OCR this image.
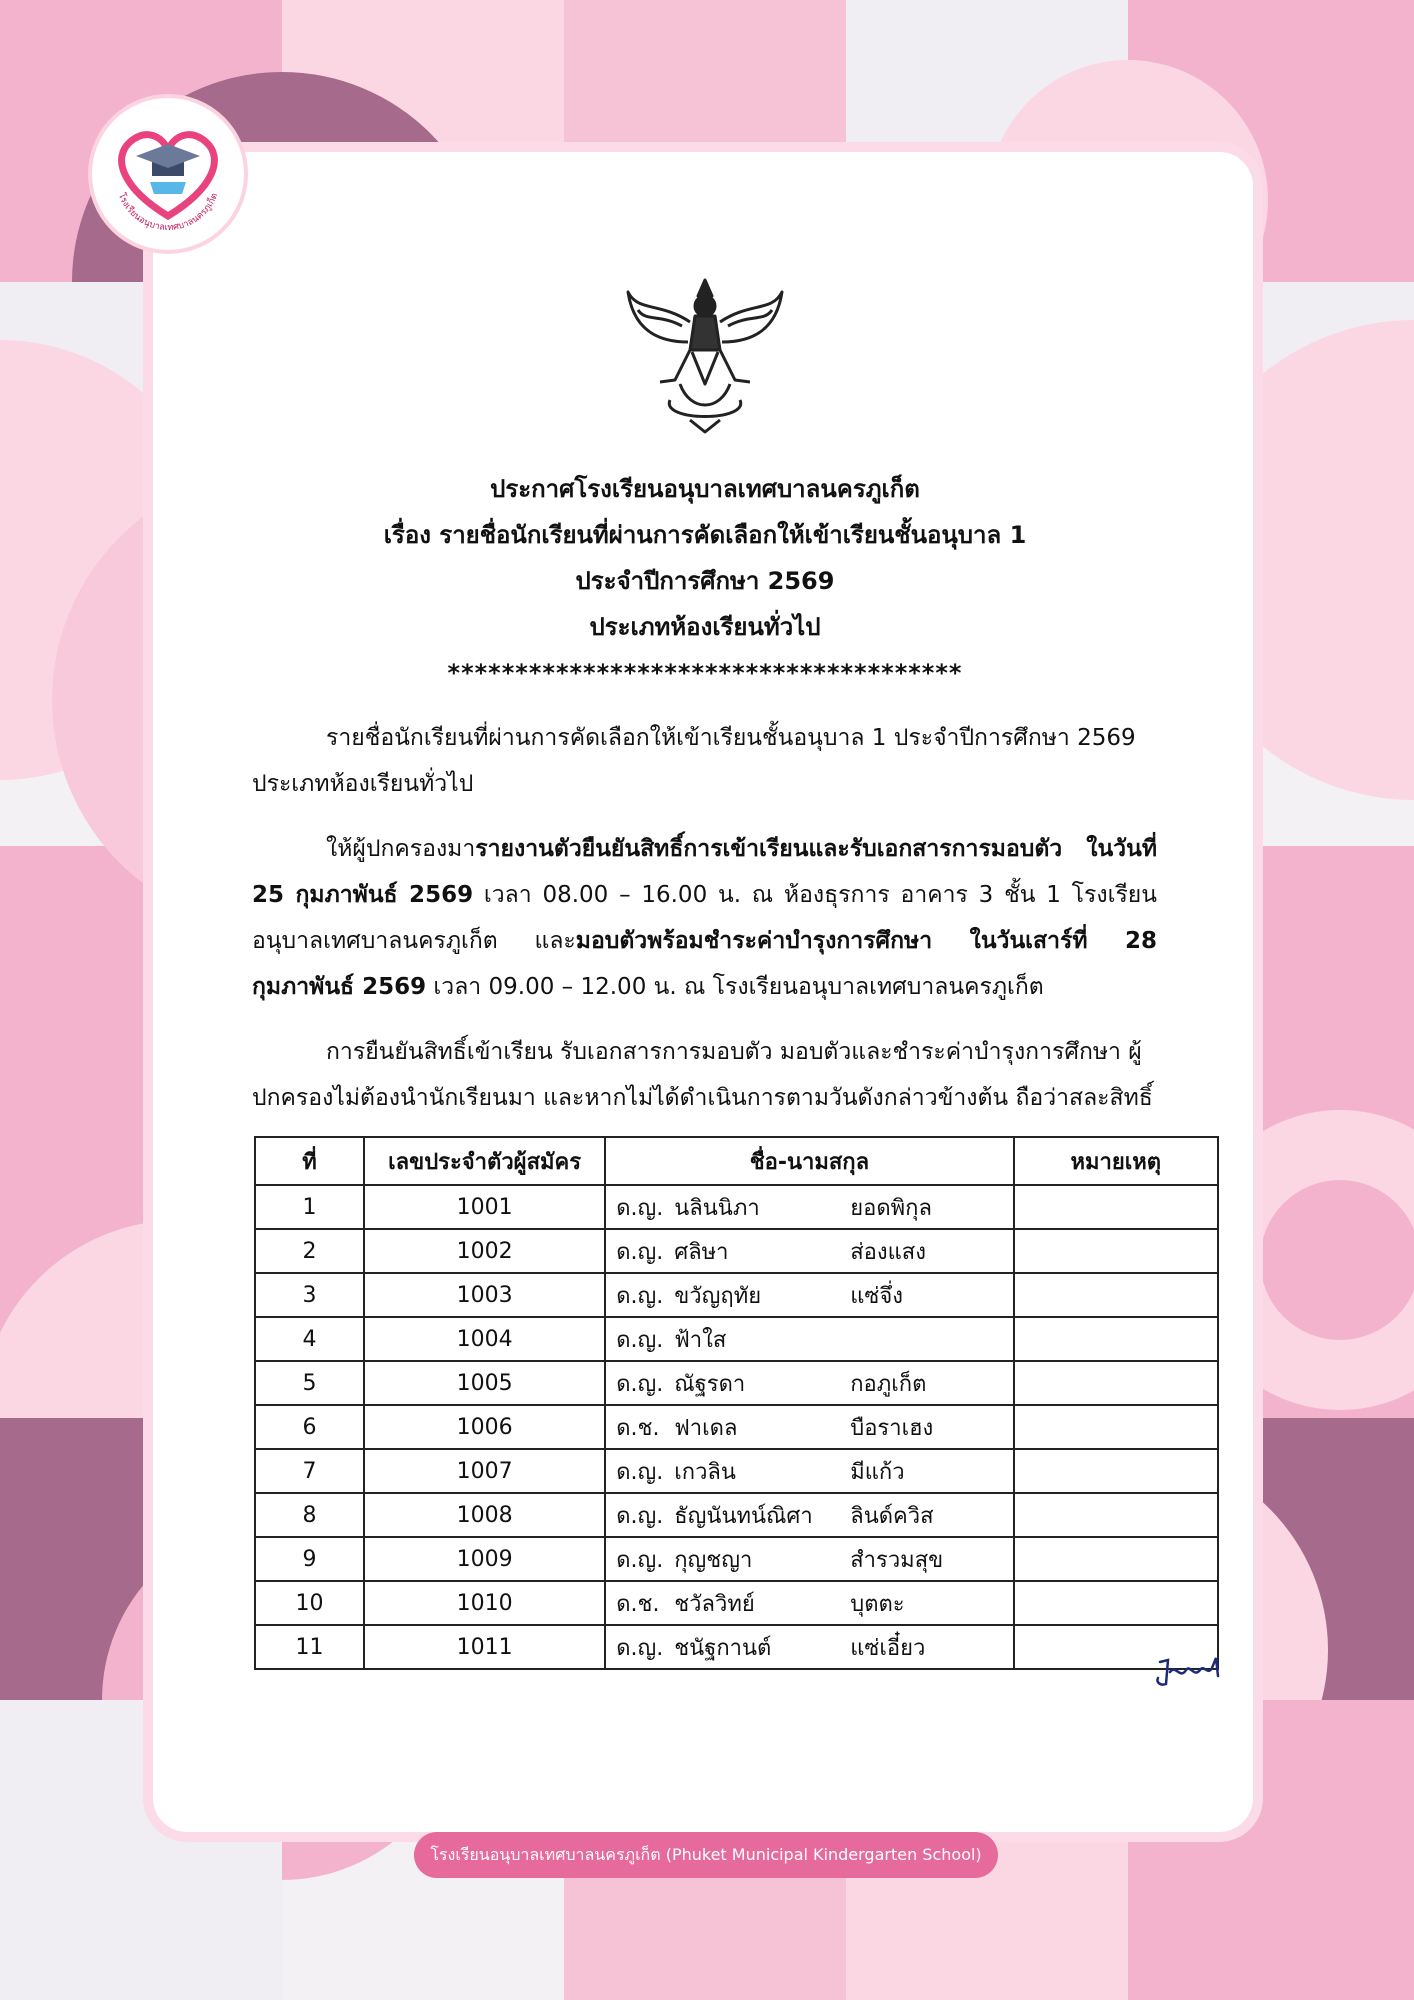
โรงเรียนอนุบาลเทศบาลนครภูเก็ต
ประกาศโรงเรียนอนุบาลเทศบาลนครภูเก็ต
เรื่อง รายชื่อนักเรียนที่ผ่านการคัดเลือกให้เข้าเรียนชั้นอนุบาล 1
ประจำปีการศึกษา 2569
ประเภทห้องเรียนทั่วไป
**************************************
รายชื่อนักเรียนที่ผ่านการคัดเลือกให้เข้าเรียนชั้นอนุบาล 1 ประจำปีการศึกษา 2569 ประเภทห้องเรียนทั่วไป
ให้ผู้ปกครองมารายงานตัวยืนยันสิทธิ์การเข้าเรียนและรับเอกสารการมอบตัว ในวันที่ 25 กุมภาพันธ์ 2569 เวลา 08.00 – 16.00 น. ณ ห้องธุรการ อาคาร 3 ชั้น 1 โรงเรียนอนุบาลเทศบาลนครภูเก็ต และมอบตัวพร้อมชำระค่าบำรุงการศึกษา ในวันเสาร์ที่ 28 กุมภาพันธ์ 2569 เวลา 09.00 – 12.00 น. ณ โรงเรียนอนุบาลเทศบาลนครภูเก็ต
การยืนยันสิทธิ์เข้าเรียน รับเอกสารการมอบตัว มอบตัวและชำระค่าบำรุงการศึกษา ผู้ปกครองไม่ต้องนำนักเรียนมา และหากไม่ได้ดำเนินการตามวันดังกล่าวข้างต้น ถือว่าสละสิทธิ์
ที่	เลขประจำตัวผู้สมัคร	ชื่อ-นามสกุล	หมายเหตุ
1	1001	ด.ญ. นลินนิภา ยอดพิกุล	
2	1002	ด.ญ. ศลิษา ส่องแสง	
3	1003	ด.ญ. ขวัญฤทัย แซ่จึ่ง	
4	1004	ด.ญ. ฟ้าใส	
5	1005	ด.ญ. ณัฐรดา กอภูเก็ต	
6	1006	ด.ช. ฟาเดล บือราเฮง	
7	1007	ด.ญ. เกวลิน มีแก้ว	
8	1008	ด.ญ. ธัญนันทน์ณิศา ลินด์ควิส	
9	1009	ด.ญ. กุญชญา สำรวมสุข	
10	1010	ด.ช. ชวัลวิทย์ บุตตะ	
11	1011	ด.ญ. ชนัฐกานต์ แซ่เอี๋ยว	
โรงเรียนอนุบาลเทศบาลนครภูเก็ต (Phuket Municipal Kindergarten School)
